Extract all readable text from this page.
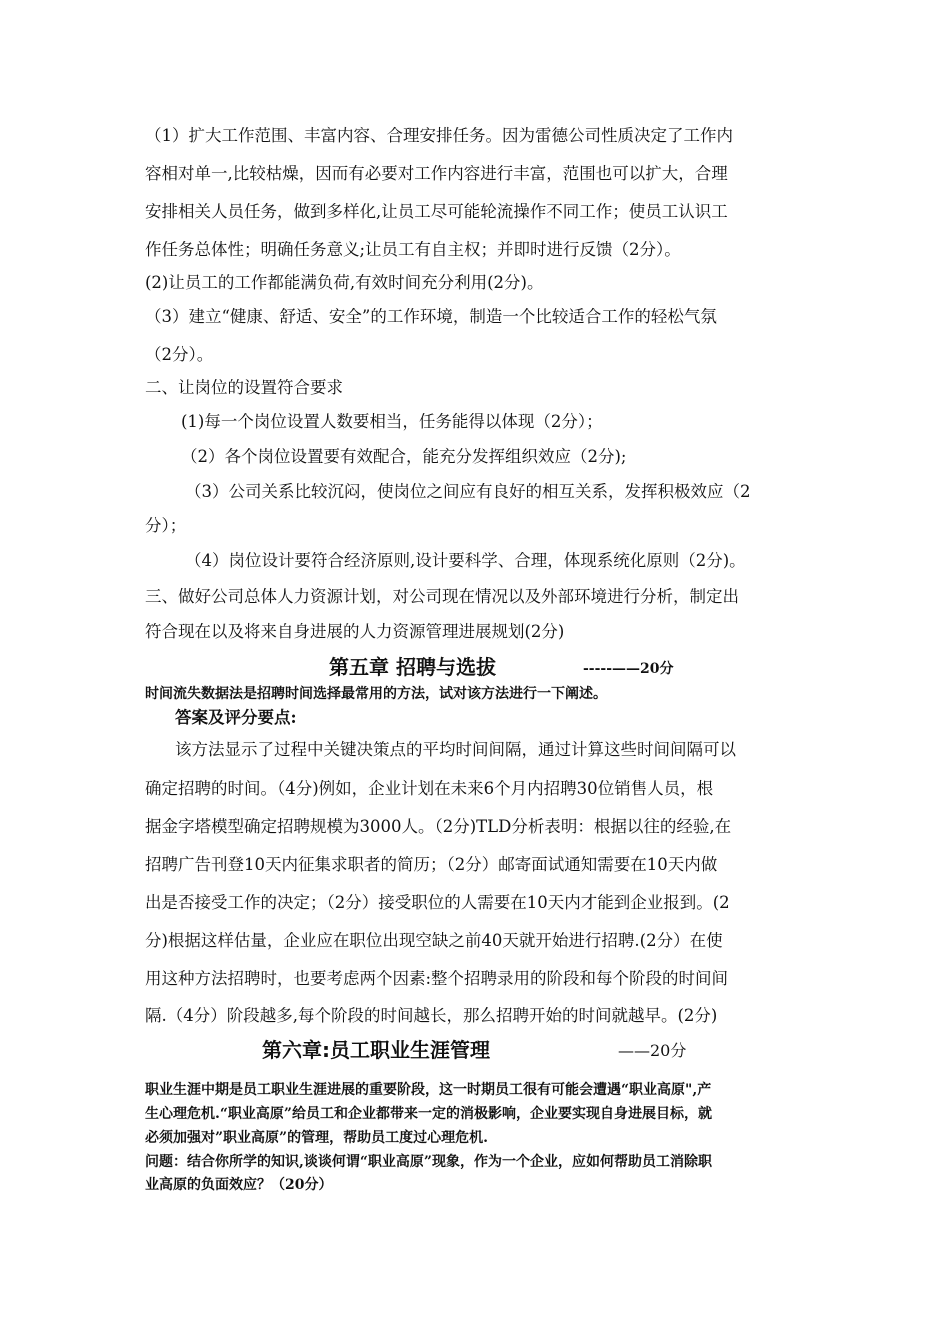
（1）扩大工作范围、丰富内容、合理安排任务。因为雷德公司性质决定了工作内
容相对单一,比较枯燥，因而有必要对工作内容进行丰富，范围也可以扩大，合理
安排相关人员任务，做到多样化,让员工尽可能轮流操作不同工作；使员工认识工
作任务总体性；明确任务意义;让员工有自主权；并即时进行反馈（2分）。
(2)让员工的工作都能满负荷,有效时间充分利用(2分)。
（3）建立“健康、舒适、安全”的工作环境，制造一个比较适合工作的轻松气氛
（2分）。
二、让岗位的设置符合要求
(1)每一个岗位设置人数要相当，任务能得以体现（2分）；
（2）各个岗位设置要有效配合，能充分发挥组织效应（2分);
（3）公司关系比较沉闷，使岗位之间应有良好的相互关系，发挥积极效应（2
分）；
（4）岗位设计要符合经济原则,设计要科学、合理，体现系统化原则（2分)。
三、做好公司总体人力资源计划，对公司现在情况以及外部环境进行分析，制定出
符合现在以及将来自身进展的人力资源管理进展规划(2分)
第五章 招聘与选拔	-----——20分
时间流失数据法是招聘时间选择最常用的方法，试对该方法进行一下阐述。
答案及评分要点:
该方法显示了过程中关键决策点的平均时间间隔，通过计算这些时间间隔可以
确定招聘的时间。（4分)例如，企业计划在未来6个月内招聘30位销售人员，根
据金字塔模型确定招聘规模为3000人。（2分)TLD分析表明：根据以往的经验,在
招聘广告刊登10天内征集求职者的简历；（2分）邮寄面试通知需要在10天内做
出是否接受工作的决定；（2分）接受职位的人需要在10天内才能到企业报到。(2
分)根据这样估量，企业应在职位出现空缺之前40天就开始进行招聘.(2分）在使
用这种方法招聘时，也要考虑两个因素:整个招聘录用的阶段和每个阶段的时间间
隔.（4分）阶段越多,每个阶段的时间越长，那么招聘开始的时间就越早。(2分)
第六章:员工职业生涯管理	——20分
职业生涯中期是员工职业生涯进展的重要阶段，这一时期员工很有可能会遭遇“职业高原",产
生心理危机.“职业高原”给员工和企业都带来一定的消极影响，企业要实现自身进展目标，就
必须加强对”职业高原”的管理，帮助员工度过心理危机.
问题：结合你所学的知识,谈谈何谓“职业高原”现象，作为一个企业，应如何帮助员工消除职
业高原的负面效应？（20分）
